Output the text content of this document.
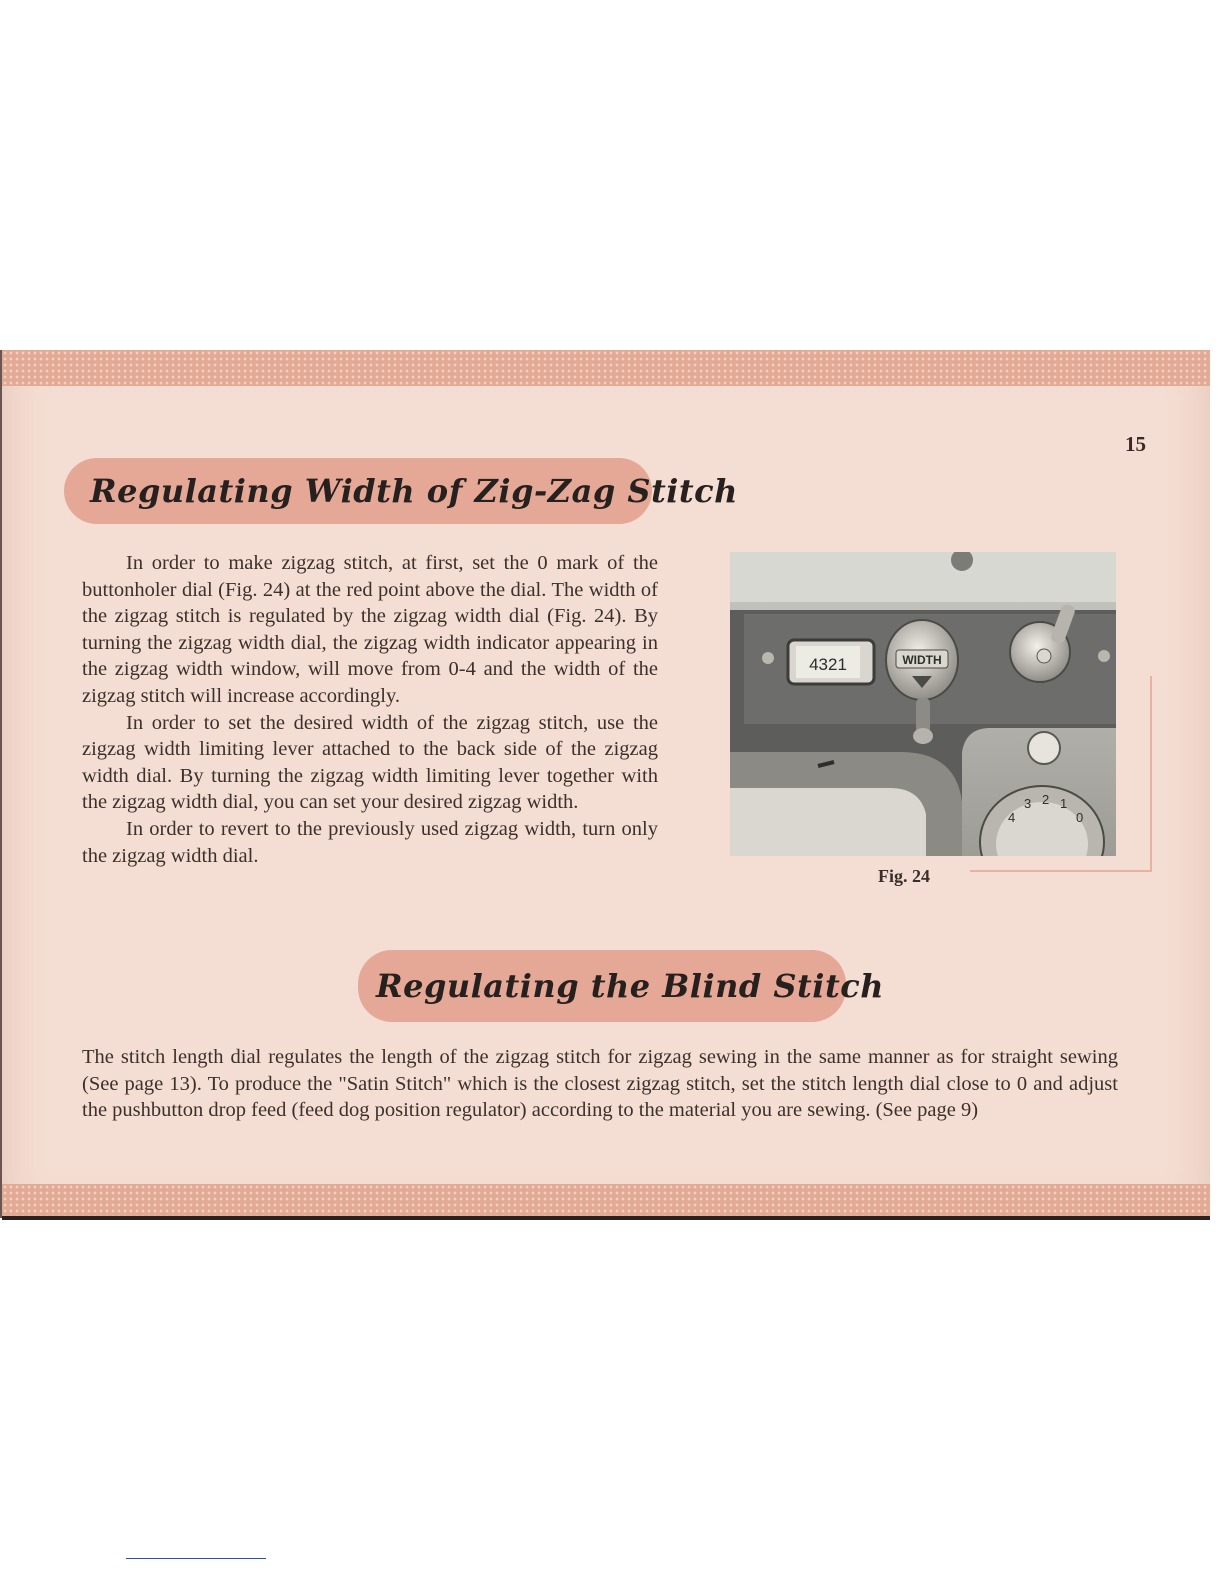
15
Regulating Width of Zig-Zag Stitch

In order to make zigzag stitch, at first, set the 0 mark of the buttonholer dial (Fig. 24) at the red point above the dial. The width of the zigzag stitch is regulated by the zigzag width dial (Fig. 24). By turning the zigzag width dial, the zigzag width indicator appearing in the zigzag width window, will move from 0-4 and the width of the zigzag stitch will increase accordingly.

In order to set the desired width of the zigzag stitch, use the zigzag width limiting lever attached to the back side of the zigzag width dial. By turning the zigzag width limiting lever together with the zigzag width dial, you can set your desired zigzag width.

In order to revert to the previously used zigzag width, turn only the zigzag width dial.

4321	WIDTH
4
3 2 1
0
Fig. 24
Regulating the Blind Stitch

The stitch length dial regulates the length of the zigzag stitch for zigzag sewing in the same manner as for straight sewing (See page 13). To produce the "Satin Stitch" which is the closest zigzag stitch, set the stitch length dial close to 0 and adjust the pushbutton drop feed (feed dog position regulator) according to the material you are sewing. (See page 9)
